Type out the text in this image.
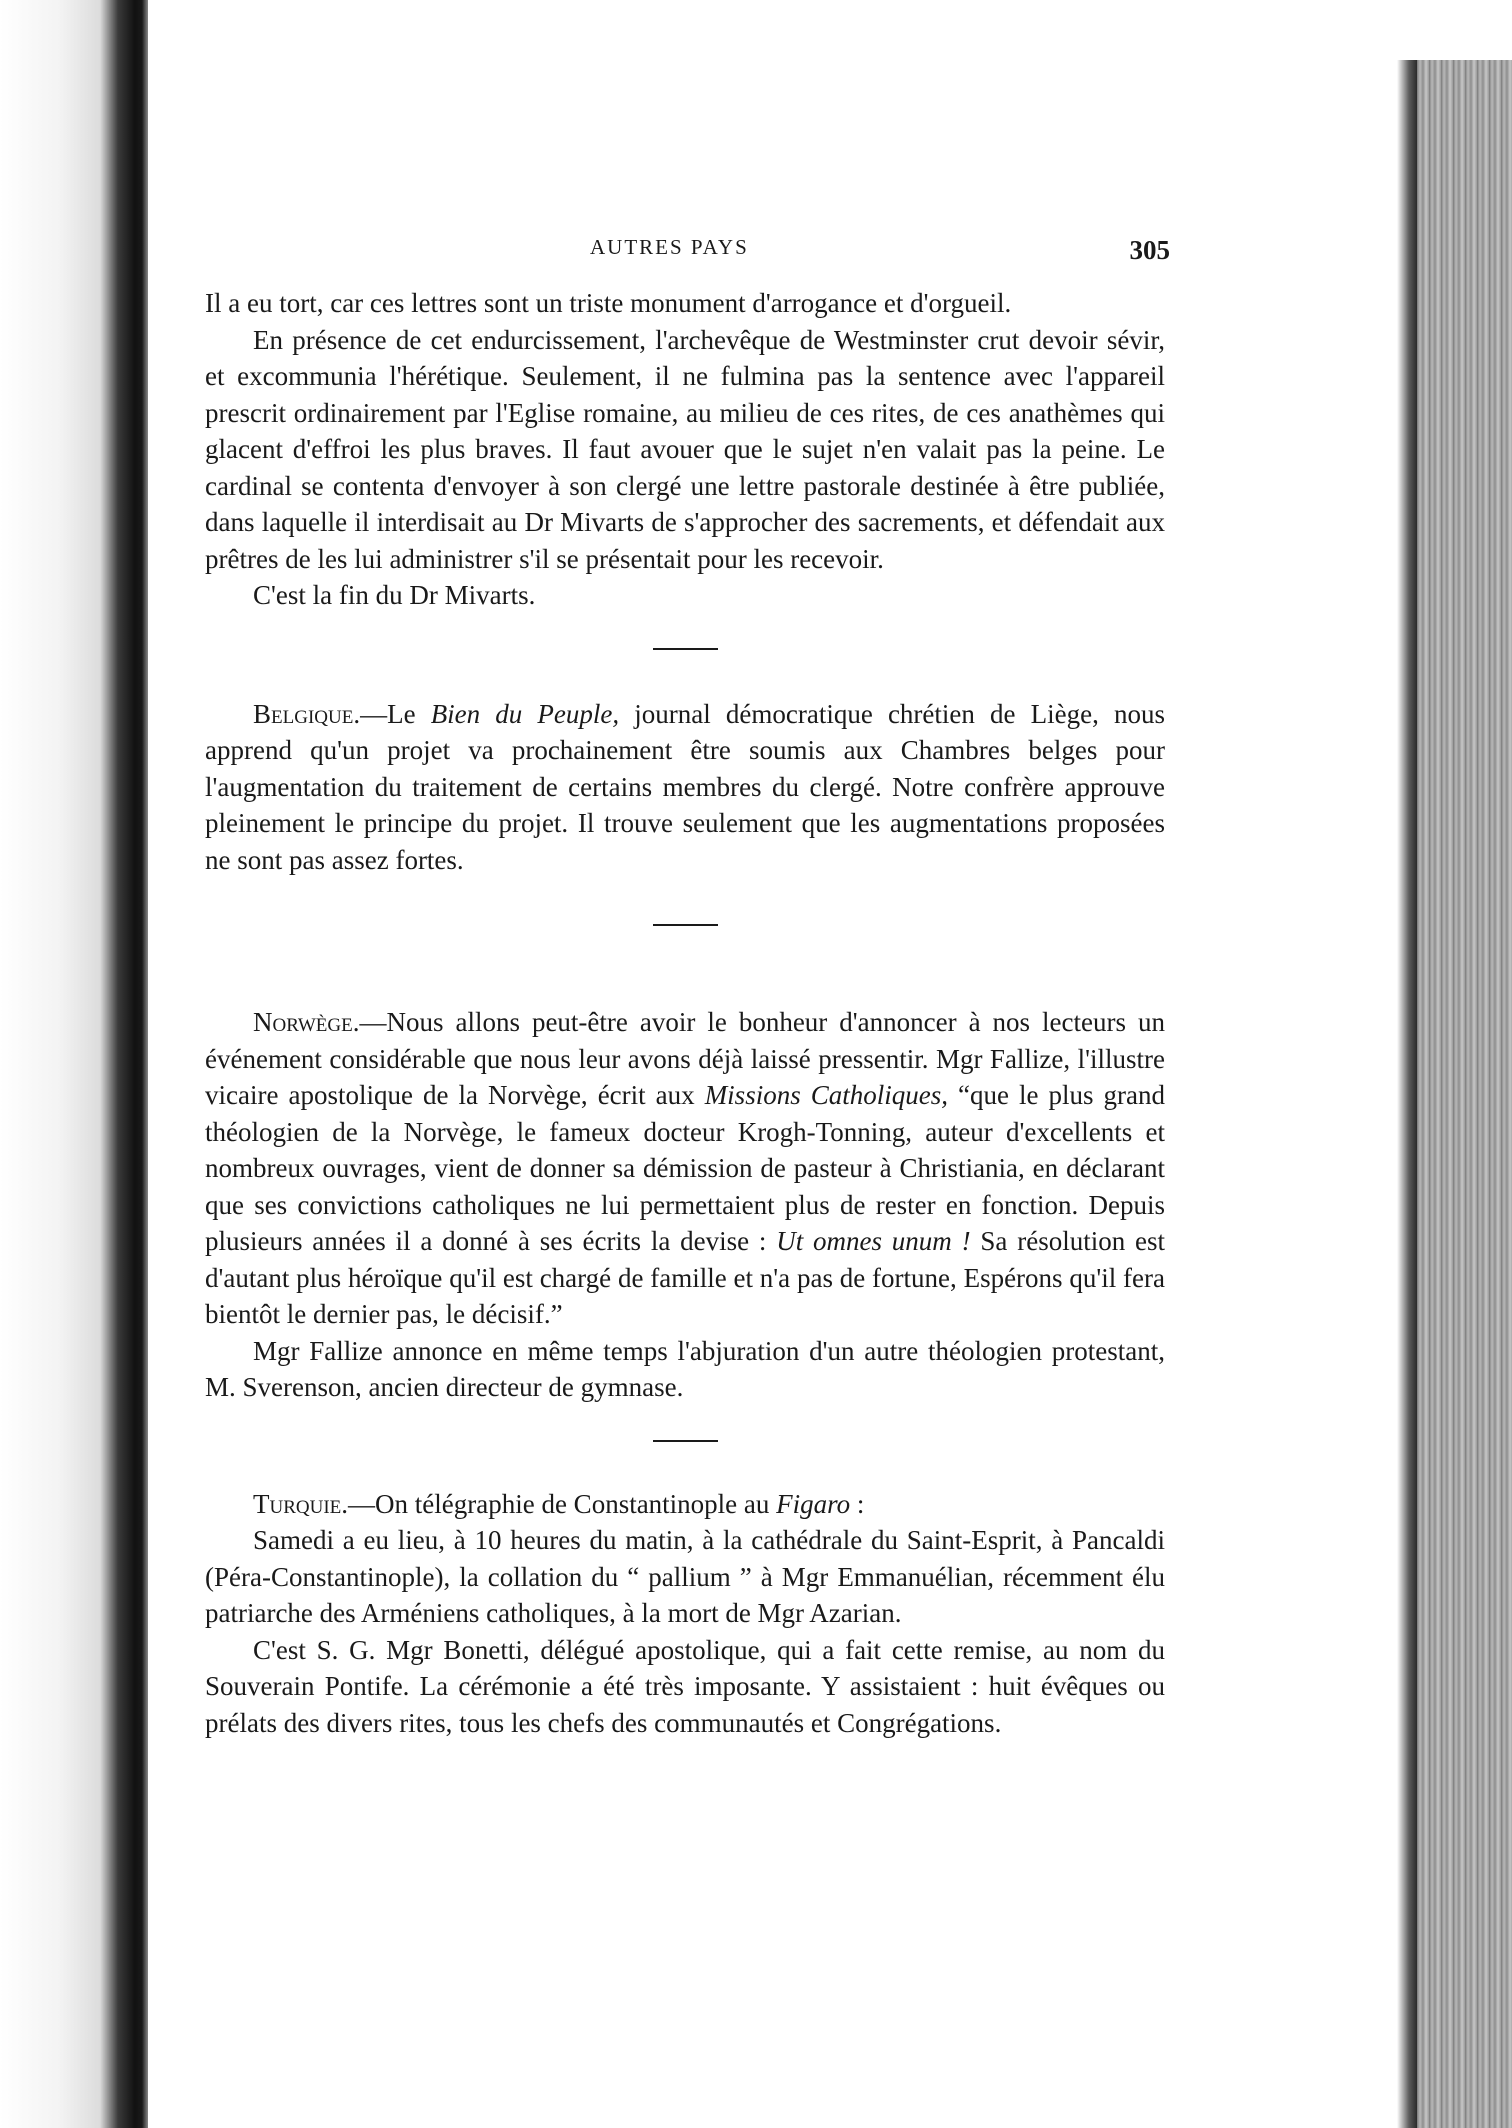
AUTRES PAYS	305

Il a eu tort, car ces lettres sont un triste monument d'arrogance et d'orgueil.

En présence de cet endurcissement, l'archevêque de Westminster crut devoir sévir, et excommunia l'hérétique. Seulement, il ne fulmina pas la sentence avec l'appareil prescrit ordinairement par l'Eglise romaine, au milieu de ces rites, de ces anathèmes qui glacent d'effroi les plus braves. Il faut avouer que le sujet n'en valait pas la peine. Le cardinal se contenta d'envoyer à son clergé une lettre pastorale destinée à être publiée, dans laquelle il interdisait au Dr Mivarts de s'approcher des sacrements, et défendait aux prêtres de les lui administrer s'il se présentait pour les recevoir.

C'est la fin du Dr Mivarts.

Belgique.—Le Bien du Peuple, journal démocratique chrétien de Liège, nous apprend qu'un projet va prochainement être soumis aux Chambres belges pour l'augmentation du traitement de certains membres du clergé. Notre confrère approuve pleinement le principe du projet. Il trouve seulement que les augmentations proposées ne sont pas assez fortes.

Norwège.—Nous allons peut-être avoir le bonheur d'annoncer à nos lecteurs un événement considérable que nous leur avons déjà laissé pressentir. Mgr Fallize, l'illustre vicaire apostolique de la Norvège, écrit aux Missions Catholiques, “que le plus grand théologien de la Norvège, le fameux docteur Krogh-Tonning, auteur d'excellents et nombreux ouvrages, vient de donner sa démission de pasteur à Christiania, en déclarant que ses convictions catholiques ne lui permettaient plus de rester en fonction. Depuis plusieurs années il a donné à ses écrits la devise : Ut omnes unum ! Sa résolution est d'autant plus héroïque qu'il est chargé de famille et n'a pas de fortune, Espérons qu'il fera bientôt le dernier pas, le décisif.”

Mgr Fallize annonce en même temps l'abjuration d'un autre théologien protestant, M. Sverenson, ancien directeur de gymnase.

Turquie.—On télégraphie de Constantinople au Figaro :

Samedi a eu lieu, à 10 heures du matin, à la cathédrale du Saint-Esprit, à Pancaldi (Péra-Constantinople), la collation du “ pallium ” à Mgr Emmanuélian, récemment élu patriarche des Arméniens catholiques, à la mort de Mgr Azarian.

C'est S. G. Mgr Bonetti, délégué apostolique, qui a fait cette remise, au nom du Souverain Pontife. La cérémonie a été très imposante. Y assistaient : huit évêques ou prélats des divers rites, tous les chefs des communautés et Congrégations.
